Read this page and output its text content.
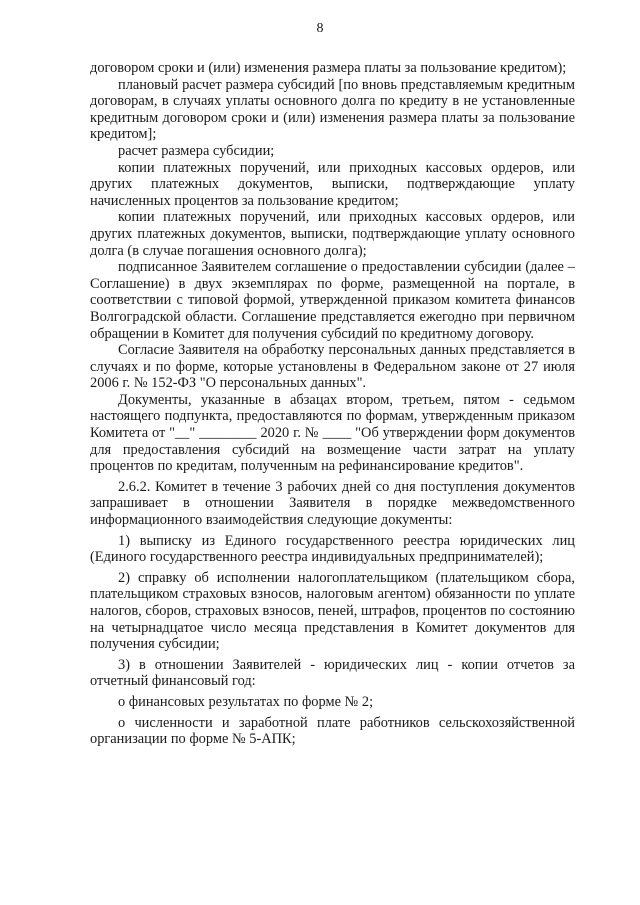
8

договором сроки и (или) изменения размера платы за пользование кредитом);

плановый расчет размера субсидий [по вновь представляемым кредитным договорам, в случаях уплаты основного долга по кредиту в не установленные кредитным договором сроки и (или) изменения размера платы за пользование кредитом];

расчет размера субсидии;

копии платежных поручений, или приходных кассовых ордеров, или других платежных документов, выписки, подтверждающие уплату начисленных процентов за пользование кредитом;

копии платежных поручений, или приходных кассовых ордеров, или других платежных документов, выписки, подтверждающие уплату основного долга (в случае погашения основного долга);

подписанное Заявителем соглашение о предоставлении субсидии (далее – Соглашение) в двух экземплярах по форме, размещенной на портале, в соответствии с типовой формой, утвержденной приказом комитета финансов Волгоградской области. Соглашение представляется ежегодно при первичном обращении в Комитет для получения субсидий по кредитному договору.

Согласие Заявителя на обработку персональных данных представляется в случаях и по форме, которые установлены в Федеральном законе от 27 июля 2006 г. № 152-ФЗ "О персональных данных".

Документы, указанные в абзацах втором, третьем, пятом - седьмом настоящего подпункта, предоставляются по формам, утвержденным приказом Комитета от "__" ________ 2020 г. № ____ "Об утверждении форм документов для предоставления субсидий на возмещение части затрат на уплату процентов по кредитам, полученным на рефинансирование кредитов".

2.6.2. Комитет в течение 3 рабочих дней со дня поступления документов запрашивает в отношении Заявителя в порядке межведомственного информационного взаимодействия следующие документы:

1) выписку из Единого государственного реестра юридических лиц (Единого государственного реестра индивидуальных предпринимателей);

2) справку об исполнении налогоплательщиком (плательщиком сбора, плательщиком страховых взносов, налоговым агентом) обязанности по уплате налогов, сборов, страховых взносов, пеней, штрафов, процентов по состоянию на четырнадцатое число месяца представления в Комитет документов для получения субсидии;

3) в отношении Заявителей - юридических лиц - копии отчетов за отчетный финансовый год:

о финансовых результатах по форме № 2;

о численности и заработной плате работников сельскохозяйственной организации по форме № 5-АПК;
